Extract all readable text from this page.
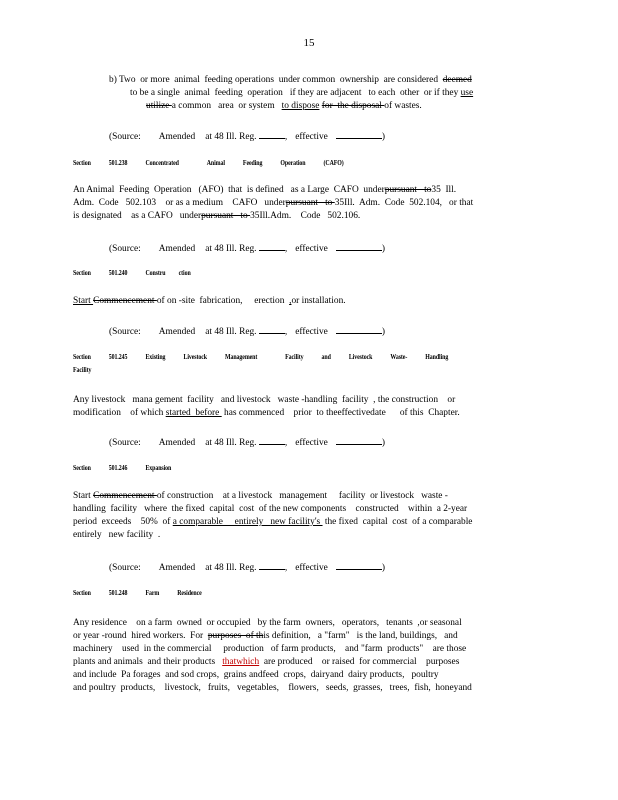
15
b) Two  or more  animal  feeding operations  under common  ownership  are considered  deemed
to be a single  animal  feeding  operation   if they are adjacent   to each  other  or if they use
utilize a common   area  or system   to dispose for  the disposal of wastes.
(Source: Amended at 48 Ill. Reg.	, effective	)
Section	501.238	Concentrated	Animal	Feeding	Operation	(CAFO)
An Animal  Feeding  Operation   (AFO)  that  is defined   as a Large  CAFO  underpursuant   to35  Ill.
Adm.  Code   502.103    or as a medium    CAFO   underpursuant   to 35Ill.  Adm.  Code  502.104,   or that
is designated    as a CAFO   underpursuant   to 35Ill.Adm.    Code   502.106.
(Source: Amended at 48 Ill. Reg.	, effective	)
Section	501.240	Constru ction
Start Commencement of on -site  fabrication,     erection  ,or installation.
(Source: Amended at 48 Ill. Reg.	, effective	)
Section	501.245	Existing	Livestock	Management	Facility	and	Livestock	Waste-	Handling
Facility
Any livestock   mana gement  facility   and livestock   waste -handling  facility  , the construction    or
modification    of which started  before  has commenced    prior  to theeffectivedate      of this  Chapter.
(Source: Amended at 48 Ill. Reg.	, effective	)
Section	501.246	Expansion
Start Commencement of construction    at a livestock   management     facility  or livestock   waste -
handling  facility   where  the fixed  capital  cost  of the new components    constructed    within  a 2-year
period  exceeds    50%  of a comparable     entirely   new facility's  the fixed  capital  cost  of a comparable
entirely   new facility  .
(Source: Amended at 48 Ill. Reg.	, effective	)
Section	501.248	Farm	Residence
Any residence    on a farm  owned  or occupied   by the farm  owners,   operators,   tenants  ,or seasonal
or year -round  hired workers.  For  purposes  of this definition,   a "farm"   is the land, buildings,   and
machinery    used  in the commercial     production   of farm products,    and "farm  products"    are those
plants and animals  and their products   thatwhich  are produced    or raised  for commercial    purposes
and include  Pa forages  and sod crops,  grains andfeed  crops,  dairyand  dairy products,   poultry
and poultry  products,    livestock,   fruits,   vegetables,    flowers,   seeds,  grasses,   trees,  fish,  honeyand
